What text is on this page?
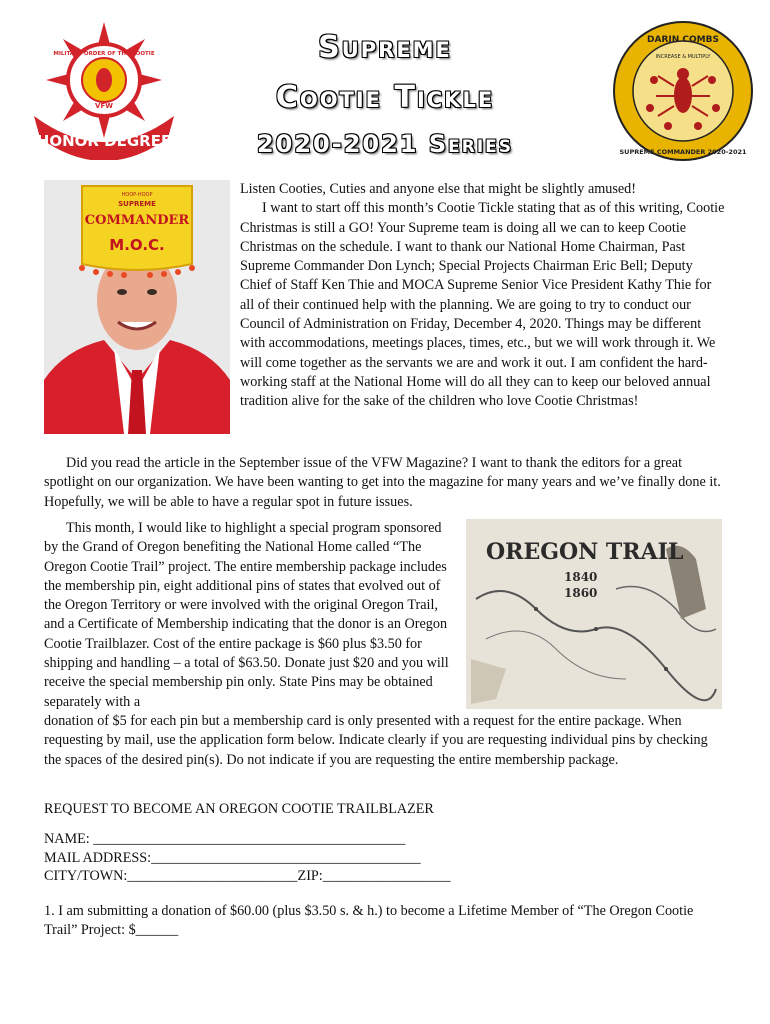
VFW
MILITARY ORDER OF THE COOTIE
HONOR DEGREE
Supreme
Cootie Tickle
2020-2021 Series
DARIN COMBS
INCREASE & MULTIPLY
SUPREME COMMANDER 2020-2021
HOOP-HOOP
SUPREME
COMMANDER
M.O.C.
OREGON TRAIL
1840
1860

Listen Cooties, Cuties and anyone else that might be slightly amused!

I want to start off this month’s Cootie Tickle stating that as of this writing, Cootie Christmas is still a GO! Your Supreme team is doing all we can to keep Cootie Christmas on the schedule. I want to thank our National Home Chairman, Past Supreme Commander Don Lynch; Special Projects Chairman Eric Bell; Deputy Chief of Staff Ken Thie and MOCA Supreme Senior Vice President Kathy Thie for all of their continued help with the planning. We are going to try to conduct our Council of Administration on Friday, December 4, 2020. Things may be different with accommodations, meetings places, times, etc., but we will work through it. We will come together as the servants we are and work it out. I am confident the hard-working staff at the National Home will do all they can to keep our beloved annual tradition alive for the sake of the children who love Cootie Christmas!

Did you read the article in the September issue of the VFW Magazine? I want to thank the editors for a great spotlight on our organization. We have been wanting to get into the magazine for many years and we’ve finally done it. Hopefully, we will be able to have a regular spot in future issues.

This month, I would like to highlight a special program sponsored by the Grand of Oregon benefiting the National Home called “The Oregon Cootie Trail” project. The entire membership package includes the membership pin, eight additional pins of states that evolved out of the Oregon Territory or were involved with the original Oregon Trail, and a Certificate of Membership indicating that the donor is an Oregon Cootie Trailblazer. Cost of the entire package is $60 plus $3.50 for shipping and handling – a total of $63.50. Donate just $20 and you will receive the special membership pin only. State Pins may be obtained separately with a

donation of $5 for each pin but a membership card is only presented with a request for the entire package. When requesting by mail, use the application form below. Indicate clearly if you are requesting individual pins by checking the spaces of the desired pin(s). Do not indicate if you are requesting the entire membership package.

REQUEST TO BECOME AN OREGON COOTIE TRAILBLAZER
NAME: ____________________________________________
MAIL ADDRESS:______________________________________
CITY/TOWN:________________________ZIP:__________________
1. I am submitting a donation of $60.00 (plus $3.50 s. & h.) to become a Lifetime Member of “The Oregon Cootie Trail” Project: $______
